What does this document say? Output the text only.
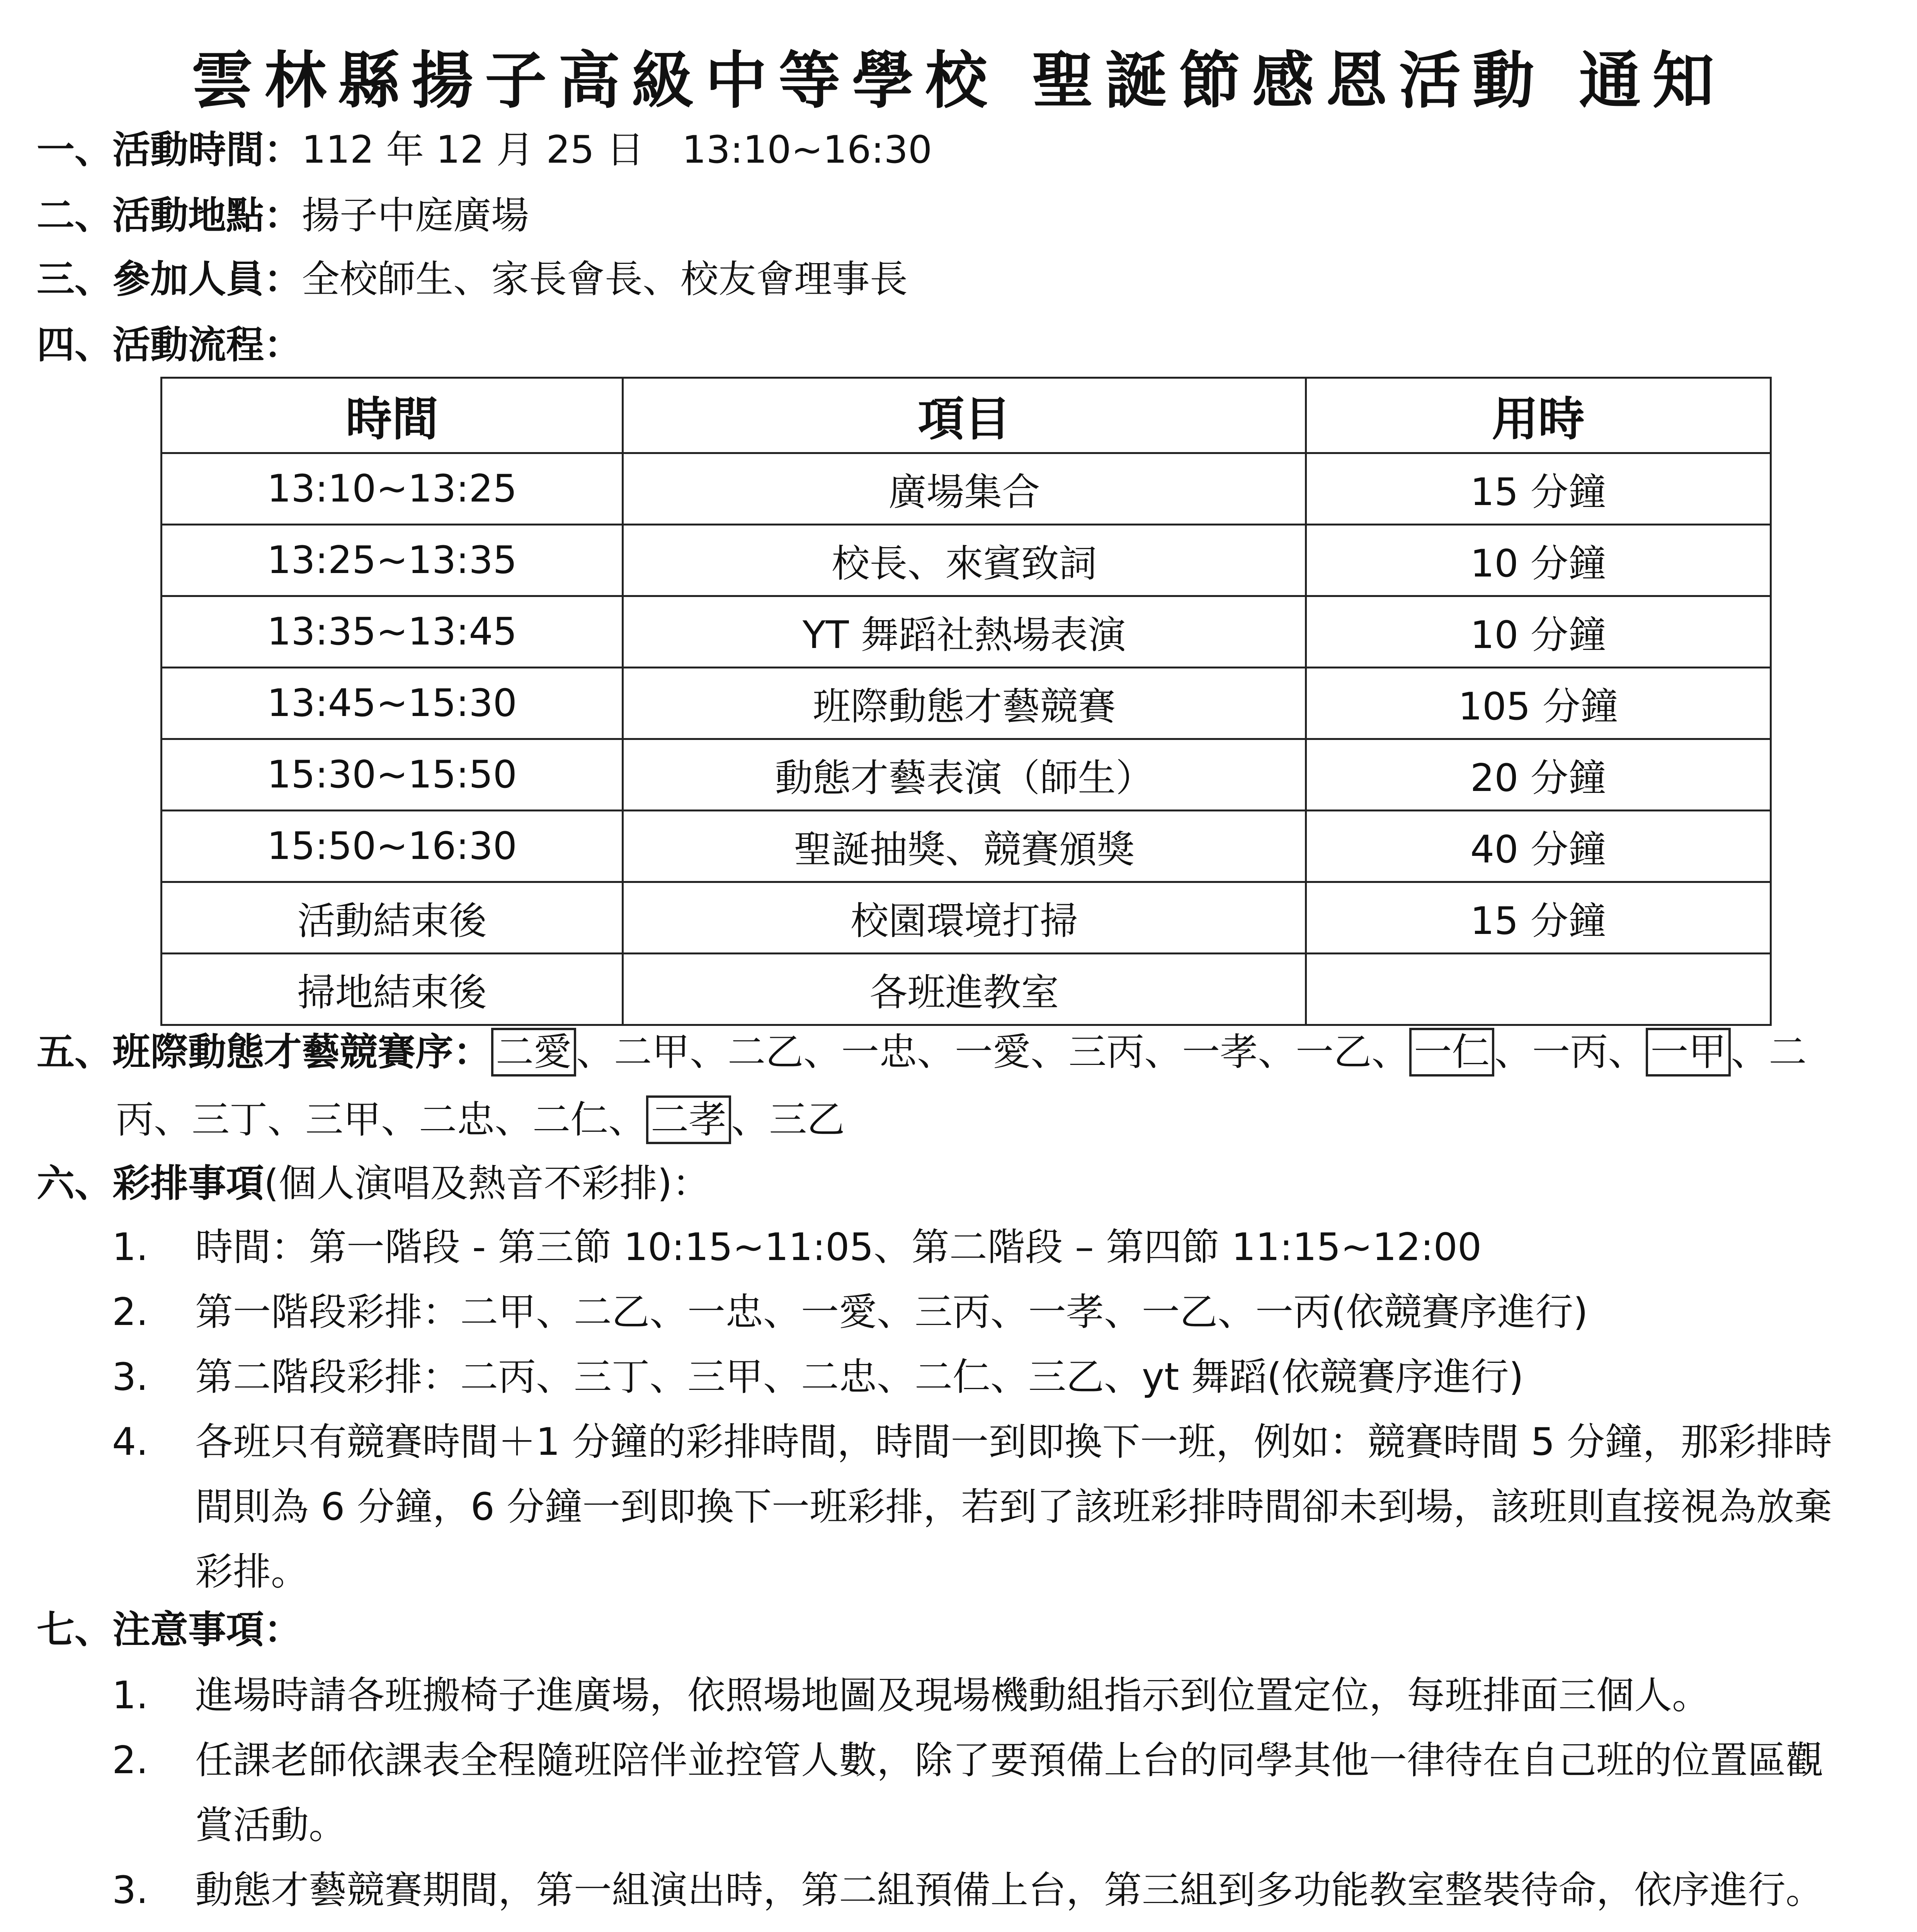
雲林縣揚子高級中等學校 聖誕節感恩活動 通知
一、活動時間：112 年 12 月 25 日　13:10~16:30
二、活動地點：揚子中庭廣場
三、參加人員：全校師生、家長會長、校友會理事長
四、活動流程：
時間	項目	用時
13:10~13:25	廣場集合	15 分鐘
13:25~13:35	校長、來賓致詞	10 分鐘
13:35~13:45	YT 舞蹈社熱場表演	10 分鐘
13:45~15:30	班際動態才藝競賽	105 分鐘
15:30~15:50	動態才藝表演（師生）	20 分鐘
15:50~16:30	聖誕抽獎、競賽頒獎	40 分鐘
活動結束後	校園環境打掃	15 分鐘
掃地結束後	各班進教室	
五、班際動態才藝競賽序： 二愛 、二甲、二乙、一忠、一愛、三丙、一孝、一乙、 一仁 、一丙、 一甲 、二
丙、三丁、三甲、二忠、二仁、 二孝 、三乙
六、彩排事項(個人演唱及熱音不彩排)：
1. 時間：第一階段 - 第三節 10:15~11:05、第二階段 – 第四節 11:15~12:00
2. 第一階段彩排：二甲、二乙、一忠、一愛、三丙、一孝、一乙、一丙(依競賽序進行)
3. 第二階段彩排：二丙、三丁、三甲、二忠、二仁、三乙、yt 舞蹈(依競賽序進行)
4. 各班只有競賽時間＋1 分鐘的彩排時間，時間一到即換下一班，例如：競賽時間 5 分鐘，那彩排時
間則為 6 分鐘，6 分鐘一到即換下一班彩排，若到了該班彩排時間卻未到場，該班則直接視為放棄
彩排。
七、注意事項：
1. 進場時請各班搬椅子進廣場，依照場地圖及現場機動組指示到位置定位，每班排面三個人。
2. 任課老師依課表全程隨班陪伴並控管人數，除了要預備上台的同學其他一律待在自己班的位置區觀
賞活動。
3. 動態才藝競賽期間，第一組演出時，第二組預備上台，第三組到多功能教室整裝待命，依序進行。
